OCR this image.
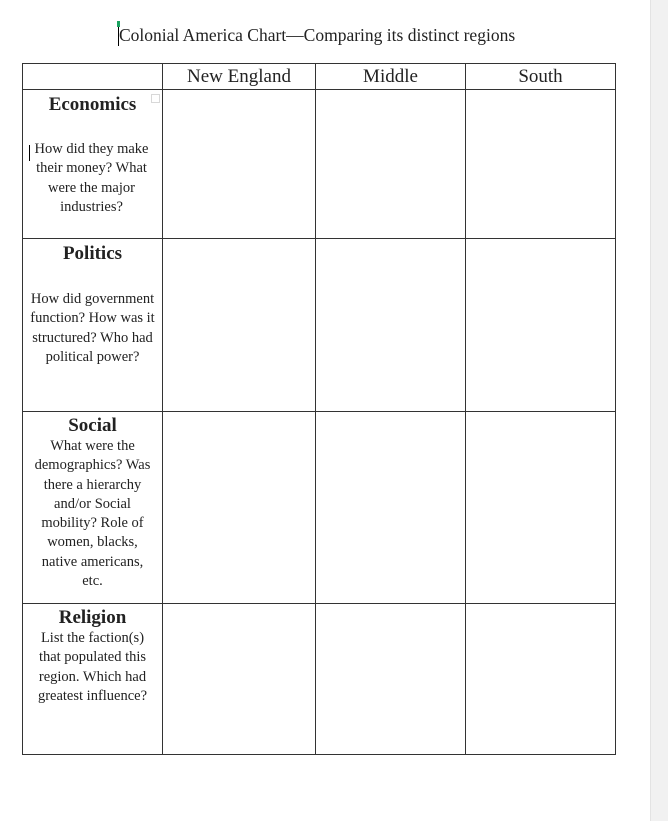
Colonial America Chart—Comparing its distinct regions
	New England	Middle	South

Economics
How did they make their money? What were the major industries?			

Politics
How did government function? How was it structured? Who had political power?			

Social
What were the demographics? Was there a hierarchy and/or Social mobility? Role of women, blacks, native americans, etc.			

Religion
List the faction(s) that populated this region. Which had greatest influence?			
